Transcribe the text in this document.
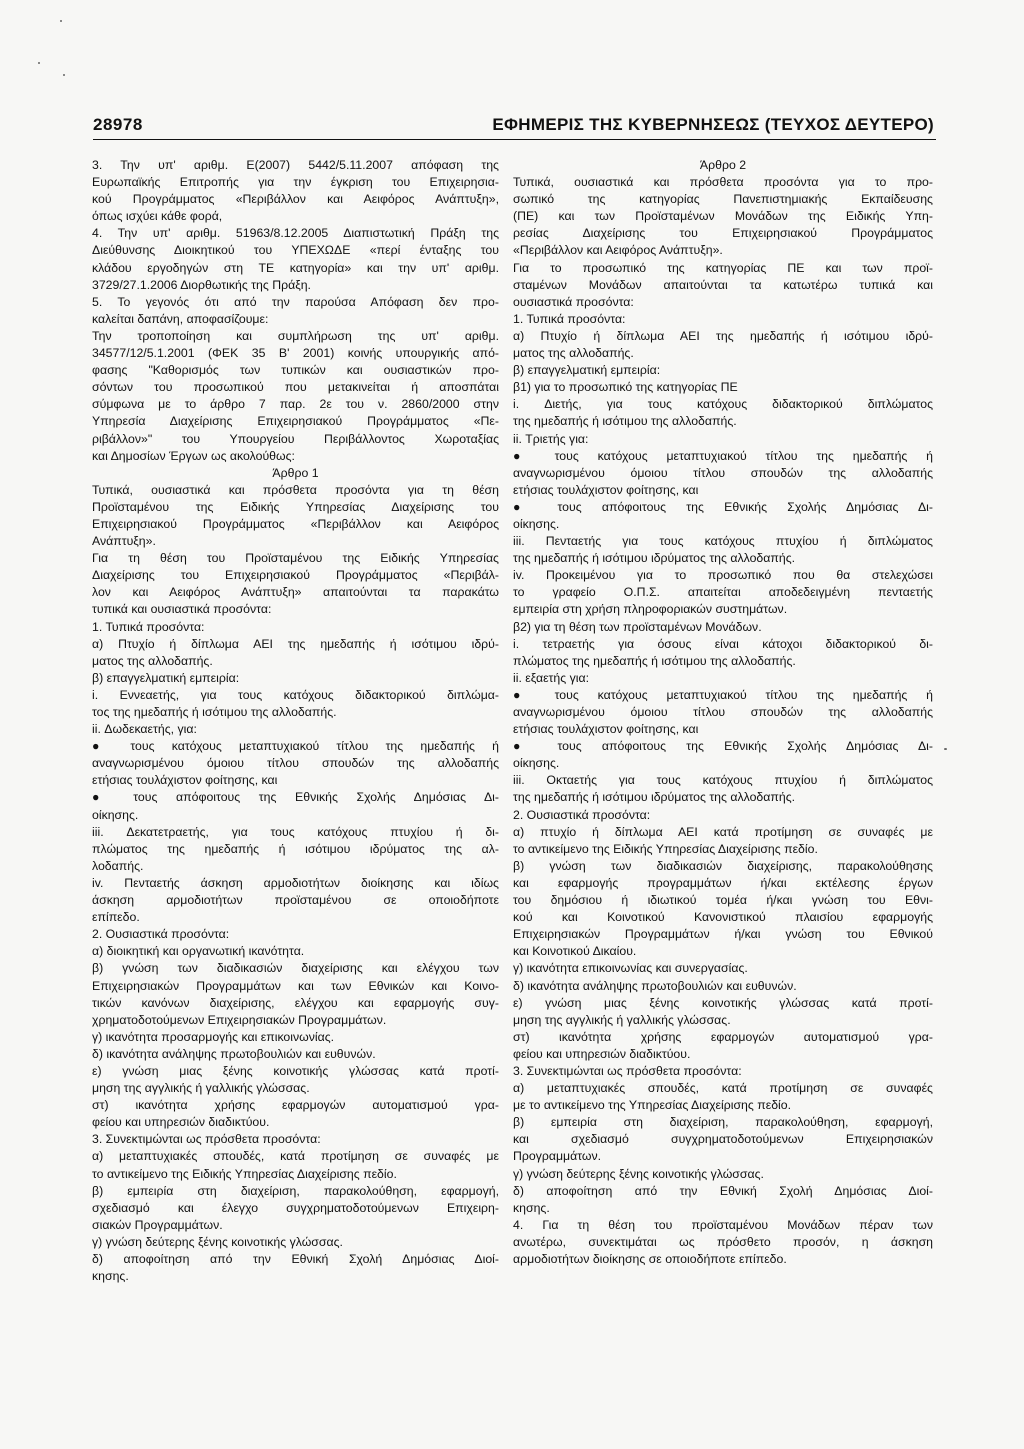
28978	ΕΦΗΜΕΡΙΣ ΤΗΣ ΚΥΒΕΡΝΗΣΕΩΣ (ΤΕΥΧΟΣ ΔΕΥΤΕΡΟ)
3. Την υπ' αριθμ. Ε(2007) 5442/5.11.2007 απόφαση της
Ευρωπαϊκής Επιτροπής για την έγκριση του Επιχειρησια-
κού Προγράμματος «Περιβάλλον και Αειφόρος Ανάπτυξη»,
όπως ισχύει κάθε φορά,
4. Την υπ' αριθμ. 51963/8.12.2005 Διαπιστωτική Πράξη της
Διεύθυνσης Διοικητικού του ΥΠΕΧΩΔΕ «περί ένταξης του
κλάδου εργοδηγών στη ΤΕ κατηγορία» και την υπ' αριθμ.
3729/27.1.2006 Διορθωτικής της Πράξη.
5. Το γεγονός ότι από την παρούσα Απόφαση δεν προ-
καλείται δαπάνη, αποφασίζουμε:
Την τροποποίηση και συμπλήρωση της υπ' αριθμ.
34577/12/5.1.2001 (ΦΕΚ 35 Β' 2001) κοινής υπουργικής από-
φασης "Καθορισμός των τυπικών και ουσιαστικών προ-
σόντων του προσωπικού που μετακινείται ή αποσπάται
σύμφωνα με το άρθρο 7 παρ. 2ε του ν. 2860/2000 στην
Υπηρεσία Διαχείρισης Επιχειρησιακού Προγράμματος «Πε-
ριβάλλον»" του Υπουργείου Περιβάλλοντος Χωροταξίας
και Δημοσίων Έργων ως ακολούθως:
Άρθρο 1
Τυπικά, ουσιαστικά και πρόσθετα προσόντα για τη θέση
Προϊσταμένου της Ειδικής Υπηρεσίας Διαχείρισης του
Επιχειρησιακού Προγράμματος «Περιβάλλον και Αειφόρος
Ανάπτυξη».
Για τη θέση του Προϊσταμένου της Ειδικής Υπηρεσίας
Διαχείρισης του Επιχειρησιακού Προγράμματος «Περιβάλ-
λον και Αειφόρος Ανάπτυξη» απαιτούνται τα παρακάτω
τυπικά και ουσιαστικά προσόντα:
1. Τυπικά προσόντα:
α) Πτυχίο ή δίπλωμα ΑΕΙ της ημεδαπής ή ισότιμου ιδρύ-
ματος της αλλοδαπής.
β) επαγγελματική εμπειρία:
i. Εννεαετής, για τους κατόχους διδακτορικού διπλώμα-
τος της ημεδαπής ή ισότιμου της αλλοδαπής.
ii. Δωδεκαετής, για:
● τους κατόχους μεταπτυχιακού τίτλου της ημεδαπής ή
αναγνωρισμένου όμοιου τίτλου σπουδών της αλλοδαπής
ετήσιας τουλάχιστον φοίτησης, και
● τους απόφοιτους της Εθνικής Σχολής Δημόσιας Δι-
οίκησης.
iii. Δεκατετραετής, για τους κατόχους πτυχίου ή δι-
πλώματος της ημεδαπής ή ισότιμου ιδρύματος της αλ-
λοδαπής.
iv. Πενταετής άσκηση αρμοδιοτήτων διοίκησης και ιδίως
άσκηση αρμοδιοτήτων προϊσταμένου σε οποιοδήποτε
επίπεδο.
2. Ουσιαστικά προσόντα:
α) διοικητική και οργανωτική ικανότητα.
β) γνώση των διαδικασιών διαχείρισης και ελέγχου των
Επιχειρησιακών Προγραμμάτων και των Εθνικών και Κοινο-
τικών κανόνων διαχείρισης, ελέγχου και εφαρμογής συγ-
χρηματοδοτούμενων Επιχειρησιακών Προγραμμάτων.
γ) ικανότητα προσαρμογής και επικοινωνίας.
δ) ικανότητα ανάληψης πρωτοβουλιών και ευθυνών.
ε) γνώση μιας ξένης κοινοτικής γλώσσας κατά προτί-
μηση της αγγλικής ή γαλλικής γλώσσας.
στ) ικανότητα χρήσης εφαρμογών αυτοματισμού γρα-
φείου και υπηρεσιών διαδικτύου.
3. Συνεκτιμώνται ως πρόσθετα προσόντα:
α) μεταπτυχιακές σπουδές, κατά προτίμηση σε συναφές με
το αντικείμενο της Ειδικής Υπηρεσίας Διαχείρισης πεδίο.
β) εμπειρία στη διαχείριση, παρακολούθηση, εφαρμογή,
σχεδιασμό και έλεγχο συγχρηματοδοτούμενων Επιχειρη-
σιακών Προγραμμάτων.
γ) γνώση δεύτερης ξένης κοινοτικής γλώσσας.
δ) αποφοίτηση από την Εθνική Σχολή Δημόσιας Διοί-
κησης.
Άρθρο 2
Τυπικά, ουσιαστικά και πρόσθετα προσόντα για το προ-
σωπικό της κατηγορίας Πανεπιστημιακής Εκπαίδευσης
(ΠΕ) και των Προϊσταμένων Μονάδων της Ειδικής Υπη-
ρεσίας Διαχείρισης του Επιχειρησιακού Προγράμματος
«Περιβάλλον και Αειφόρος Ανάπτυξη».
Για το προσωπικό της κατηγορίας ΠΕ και των προϊ-
σταμένων Μονάδων απαιτούνται τα κατωτέρω τυπικά και
ουσιαστικά προσόντα:
1. Τυπικά προσόντα:
α) Πτυχίο ή δίπλωμα ΑΕΙ της ημεδαπής ή ισότιμου ιδρύ-
ματος της αλλοδαπής.
β) επαγγελματική εμπειρία:
β1) για το προσωπικό της κατηγορίας ΠΕ
i. Διετής, για τους κατόχους διδακτορικού διπλώματος
της ημεδαπής ή ισότιμου της αλλοδαπής.
ii. Τριετής για:
● τους κατόχους μεταπτυχιακού τίτλου της ημεδαπής ή
αναγνωρισμένου όμοιου τίτλου σπουδών της αλλοδαπής
ετήσιας τουλάχιστον φοίτησης, και
● τους απόφοιτους της Εθνικής Σχολής Δημόσιας Δι-
οίκησης.
iii. Πενταετής για τους κατόχους πτυχίου ή διπλώματος
της ημεδαπής ή ισότιμου ιδρύματος της αλλοδαπής.
iv. Προκειμένου για το προσωπικό που θα στελεχώσει
το γραφείο Ο.Π.Σ. απαιτείται αποδεδειγμένη πενταετής
εμπειρία στη χρήση πληροφοριακών συστημάτων.
β2) για τη θέση των προϊσταμένων Μονάδων.
i. τετραετής για όσους είναι κάτοχοι διδακτορικού δι-
πλώματος της ημεδαπής ή ισότιμου της αλλοδαπής.
ii. εξαετής για:
● τους κατόχους μεταπτυχιακού τίτλου της ημεδαπής ή
αναγνωρισμένου όμοιου τίτλου σπουδών της αλλοδαπής
ετήσιας τουλάχιστον φοίτησης, και
● τους απόφοιτους της Εθνικής Σχολής Δημόσιας Δι-
οίκησης.
iii. Οκταετής για τους κατόχους πτυχίου ή διπλώματος
της ημεδαπής ή ισότιμου ιδρύματος της αλλοδαπής.
2. Ουσιαστικά προσόντα:
α) πτυχίο ή δίπλωμα ΑΕΙ κατά προτίμηση σε συναφές με
το αντικείμενο της Ειδικής Υπηρεσίας Διαχείρισης πεδίο.
β) γνώση των διαδικασιών διαχείρισης, παρακολούθησης
και εφαρμογής προγραμμάτων ή/και εκτέλεσης έργων
του δημόσιου ή ιδιωτικού τομέα ή/και γνώση του Εθνι-
κού και Κοινοτικού Κανονιστικού πλαισίου εφαρμογής
Επιχειρησιακών Προγραμμάτων ή/και γνώση του Εθνικού
και Κοινοτικού Δικαίου.
γ) ικανότητα επικοινωνίας και συνεργασίας.
δ) ικανότητα ανάληψης πρωτοβουλιών και ευθυνών.
ε) γνώση μιας ξένης κοινοτικής γλώσσας κατά προτί-
μηση της αγγλικής ή γαλλικής γλώσσας.
στ) ικανότητα χρήσης εφαρμογών αυτοματισμού γρα-
φείου και υπηρεσιών διαδικτύου.
3. Συνεκτιμώνται ως πρόσθετα προσόντα:
α) μεταπτυχιακές σπουδές, κατά προτίμηση σε συναφές
με το αντικείμενο της Υπηρεσίας Διαχείρισης πεδίο.
β) εμπειρία στη διαχείριση, παρακολούθηση, εφαρμογή,
και σχεδιασμό συγχρηματοδοτούμενων Επιχειρησιακών
Προγραμμάτων.
γ) γνώση δεύτερης ξένης κοινοτικής γλώσσας.
δ) αποφοίτηση από την Εθνική Σχολή Δημόσιας Διοί-
κησης.
4. Για τη θέση του προϊσταμένου Μονάδων πέραν των
ανωτέρω, συνεκτιμάται ως πρόσθετο προσόν, η άσκηση
αρμοδιοτήτων διοίκησης σε οποιοδήποτε επίπεδο.
